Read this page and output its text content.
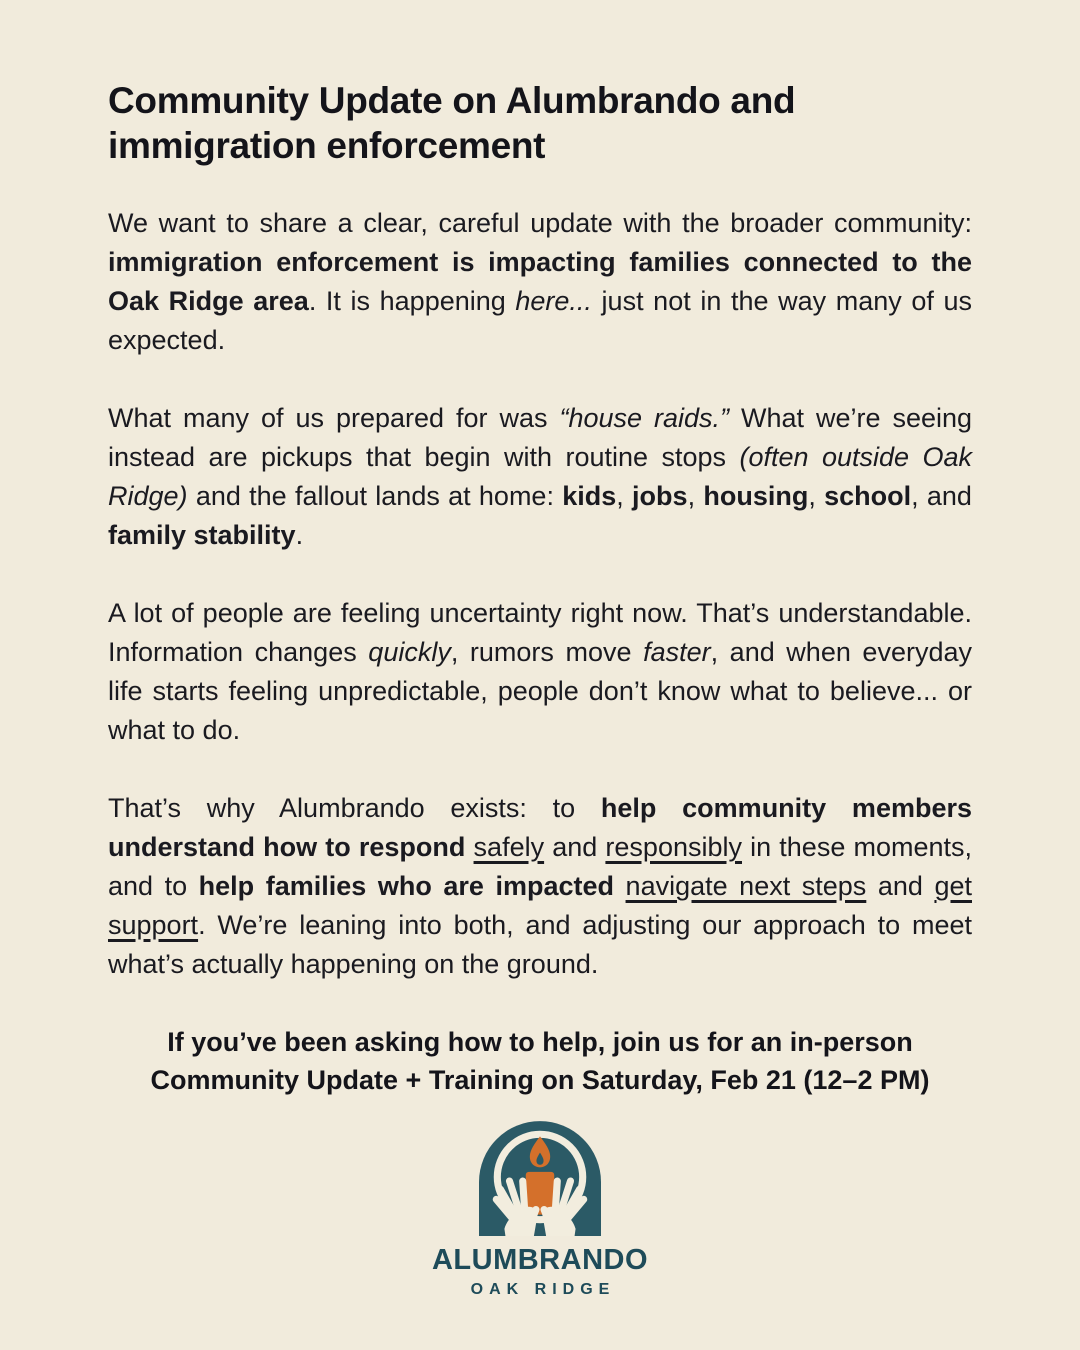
Community Update on Alumbrando and immigration enforcement

We want to share a clear, careful update with the broader community: immigration enforcement is impacting families connected to the Oak Ridge area. It is happening here... just not in the way many of us expected.

What many of us prepared for was “house raids.” What we’re seeing instead are pickups that begin with routine stops (often outside Oak Ridge) and the fallout lands at home: kids, jobs, housing, school, and family stability.

A lot of people are feeling uncertainty right now. That’s understandable. Information changes quickly, rumors move faster, and when everyday life starts feeling unpredictable, people don’t know what to believe... or what to do.

That’s why Alumbrando exists: to help community members understand how to respond safely and responsibly in these moments, and to help families who are impacted navigate next steps and get support. We’re leaning into both, and adjusting our approach to meet what’s actually happening on the ground.

If you’ve been asking how to help, join us for an in-person Community Update + Training on Saturday, Feb 21 (12–2 PM)

ALUMBRANDO
OAK RIDGE
